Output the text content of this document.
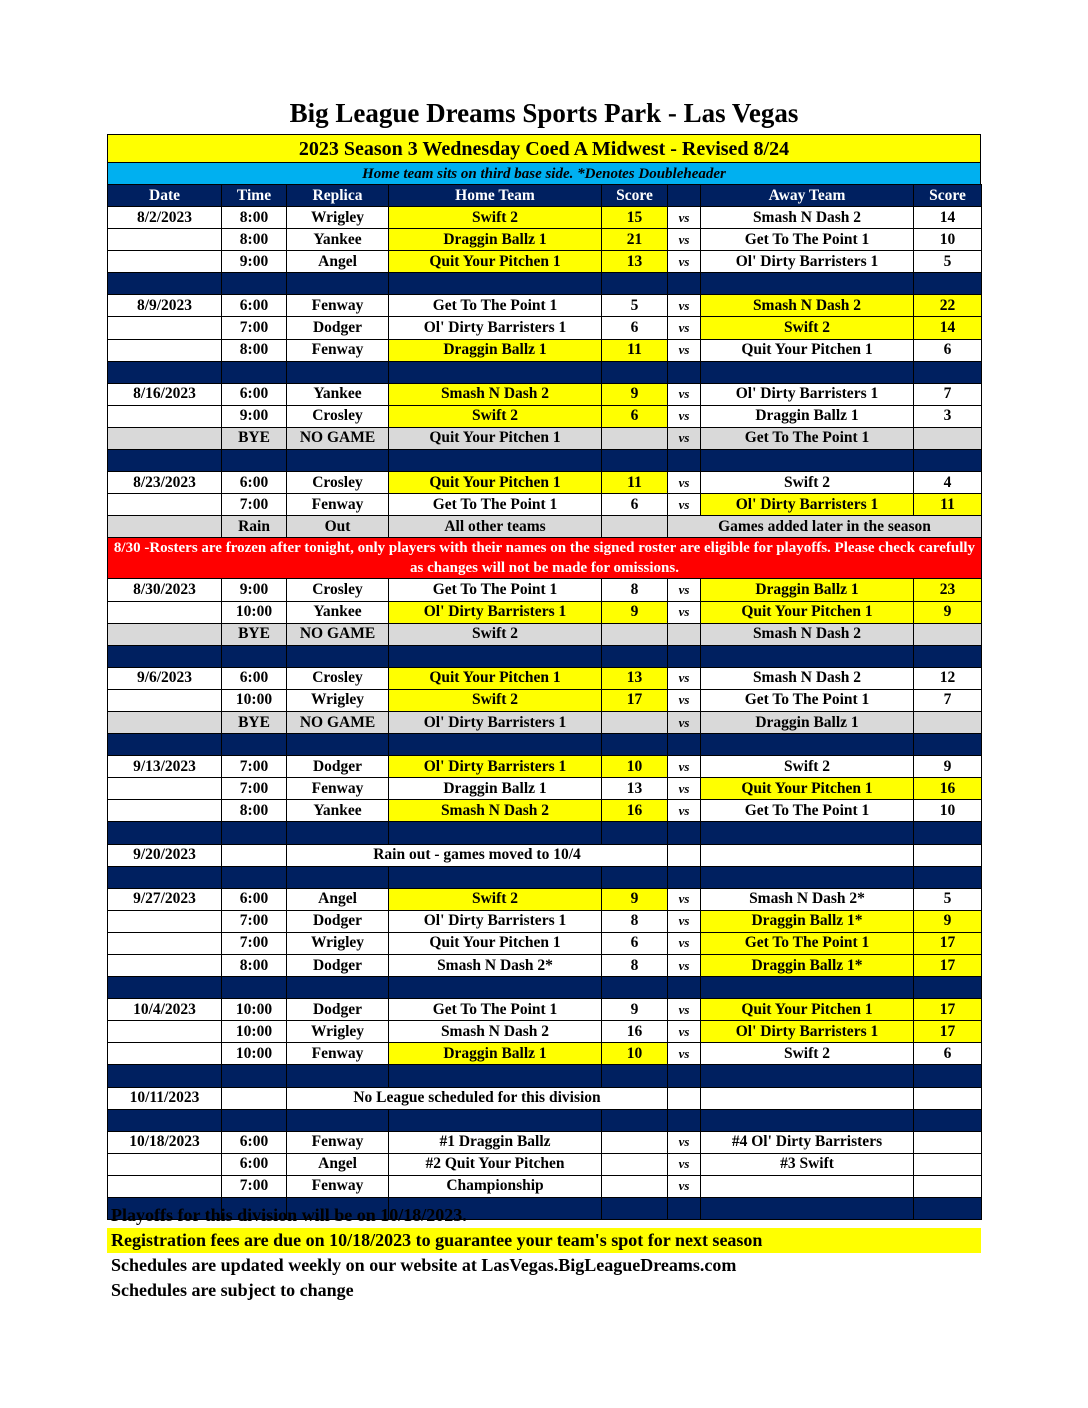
Big League Dreams Sports Park - Las Vegas
2023 Season 3 Wednesday Coed A Midwest - Revised 8/24
Home team sits on third base side. *Denotes Doubleheader
Date	Time	Replica	Home Team	Score		Away Team	Score
8/2/2023	8:00	Wrigley	Swift 2	15	vs	Smash N Dash 2	14
	8:00	Yankee	Draggin Ballz 1	21	vs	Get To The Point 1	10
	9:00	Angel	Quit Your Pitchen 1	13	vs	Ol' Dirty Barristers 1	5

8/9/2023	6:00	Fenway	Get To The Point 1	5	vs	Smash N Dash 2	22
	7:00	Dodger	Ol' Dirty Barristers 1	6	vs	Swift 2	14
	8:00	Fenway	Draggin Ballz 1	11	vs	Quit Your Pitchen 1	6

8/16/2023	6:00	Yankee	Smash N Dash 2	9	vs	Ol' Dirty Barristers 1	7
	9:00	Crosley	Swift 2	6	vs	Draggin Ballz 1	3
	BYE	NO GAME	Quit Your Pitchen 1		vs	Get To The Point 1	

8/23/2023	6:00	Crosley	Quit Your Pitchen 1	11	vs	Swift 2	4
	7:00	Fenway	Get To The Point 1	6	vs	Ol' Dirty Barristers 1	11
	Rain	Out	All other teams		Games added later in the season		
8/30 -Rosters are frozen after tonight, only players with their names on the signed roster are eligible for playoffs. Please check carefully as changes will not be made for omissions.							
8/30/2023	9:00	Crosley	Get To The Point 1	8	vs	Draggin Ballz 1	23
	10:00	Yankee	Ol' Dirty Barristers 1	9	vs	Quit Your Pitchen 1	9
	BYE	NO GAME	Swift 2			Smash N Dash 2	

9/6/2023	6:00	Crosley	Quit Your Pitchen 1	13	vs	Smash N Dash 2	12
	10:00	Wrigley	Swift 2	17	vs	Get To The Point 1	7
	BYE	NO GAME	Ol' Dirty Barristers 1		vs	Draggin Ballz 1	

9/13/2023	7:00	Dodger	Ol' Dirty Barristers 1	10	vs	Swift 2	9
	7:00	Fenway	Draggin Ballz 1	13	vs	Quit Your Pitchen 1	16
	8:00	Yankee	Smash N Dash 2	16	vs	Get To The Point 1	10

9/20/2023		Rain out - games moved to 10/4					

9/27/2023	6:00	Angel	Swift 2	9	vs	Smash N Dash 2*	5
	7:00	Dodger	Ol' Dirty Barristers 1	8	vs	Draggin Ballz 1*	9
	7:00	Wrigley	Quit Your Pitchen 1	6	vs	Get To The Point 1	17
	8:00	Dodger	Smash N Dash 2*	8	vs	Draggin Ballz 1*	17

10/4/2023	10:00	Dodger	Get To The Point 1	9	vs	Quit Your Pitchen 1	17
	10:00	Wrigley	Smash N Dash 2	16	vs	Ol' Dirty Barristers 1	17
	10:00	Fenway	Draggin Ballz 1	10	vs	Swift 2	6

10/11/2023		No League scheduled for this division					

10/18/2023	6:00	Fenway	#1 Draggin Ballz		vs	#4 Ol' Dirty Barristers	
	6:00	Angel	#2 Quit Your Pitchen		vs	#3 Swift	
	7:00	Fenway	Championship		vs		

Playoffs for this division will be on 10/18/2023.
Registration fees are due on 10/18/2023 to guarantee your team's spot for next season
Schedules are updated weekly on our website at LasVegas.BigLeagueDreams.com
Schedules are subject to change
